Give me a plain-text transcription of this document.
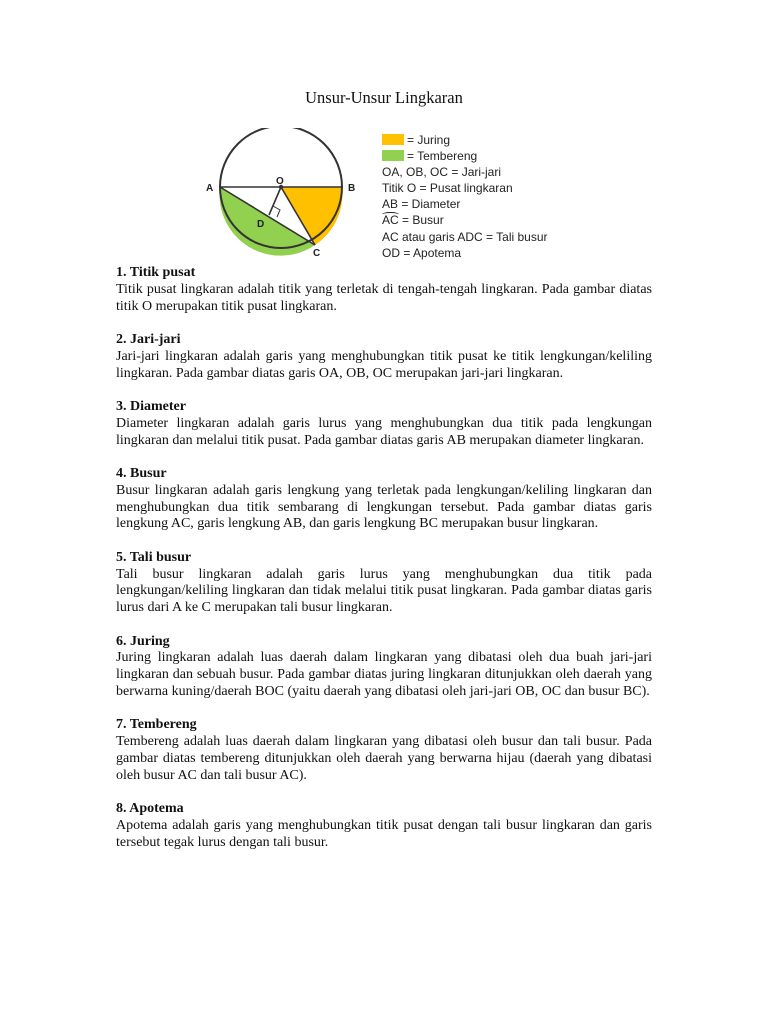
Unsur-Unsur Lingkaran
A	B
O
C
D
= Juring
= Tembereng
OA, OB, OC = Jari-jari
Titik O = Pusat lingkaran
AB = Diameter
AC = Busur
AC atau garis ADC = Tali busur
OD = Apotema
1. Titik pusat
Titik pusat lingkaran adalah titik yang terletak di tengah-tengah lingkaran. Pada gambar diatas titik O merupakan titik pusat lingkaran.
2. Jari-jari
Jari-jari lingkaran adalah garis yang menghubungkan titik pusat ke titik lengkungan/keliling lingkaran. Pada gambar diatas garis OA, OB, OC merupakan jari-jari lingkaran.
3. Diameter
Diameter lingkaran adalah garis lurus yang menghubungkan dua titik pada lengkungan lingkaran dan melalui titik pusat. Pada gambar diatas garis AB merupakan diameter lingkaran.
4. Busur
Busur lingkaran adalah garis lengkung yang terletak pada lengkungan/keliling lingkaran dan menghubungkan dua titik sembarang di lengkungan tersebut. Pada gambar diatas garis lengkung AC, garis lengkung AB, dan garis lengkung BC merupakan busur lingkaran.
5. Tali busur
Tali busur lingkaran adalah garis lurus yang menghubungkan dua titik pada lengkungan/keliling lingkaran dan tidak melalui titik pusat lingkaran. Pada gambar diatas garis lurus dari A ke C merupakan tali busur lingkaran.
6. Juring
Juring lingkaran adalah luas daerah dalam lingkaran yang dibatasi oleh dua buah jari-jari lingkaran dan sebuah busur. Pada gambar diatas juring lingkaran ditunjukkan oleh daerah yang berwarna kuning/daerah BOC (yaitu daerah yang dibatasi oleh jari-jari OB, OC dan busur BC).
7. Tembereng
Tembereng adalah luas daerah dalam lingkaran yang dibatasi oleh busur dan tali busur. Pada gambar diatas tembereng ditunjukkan oleh daerah yang berwarna hijau (daerah yang dibatasi oleh busur AC dan tali busur AC).
8. Apotema
Apotema adalah garis yang menghubungkan titik pusat dengan tali busur lingkaran dan garis tersebut tegak lurus dengan tali busur.
